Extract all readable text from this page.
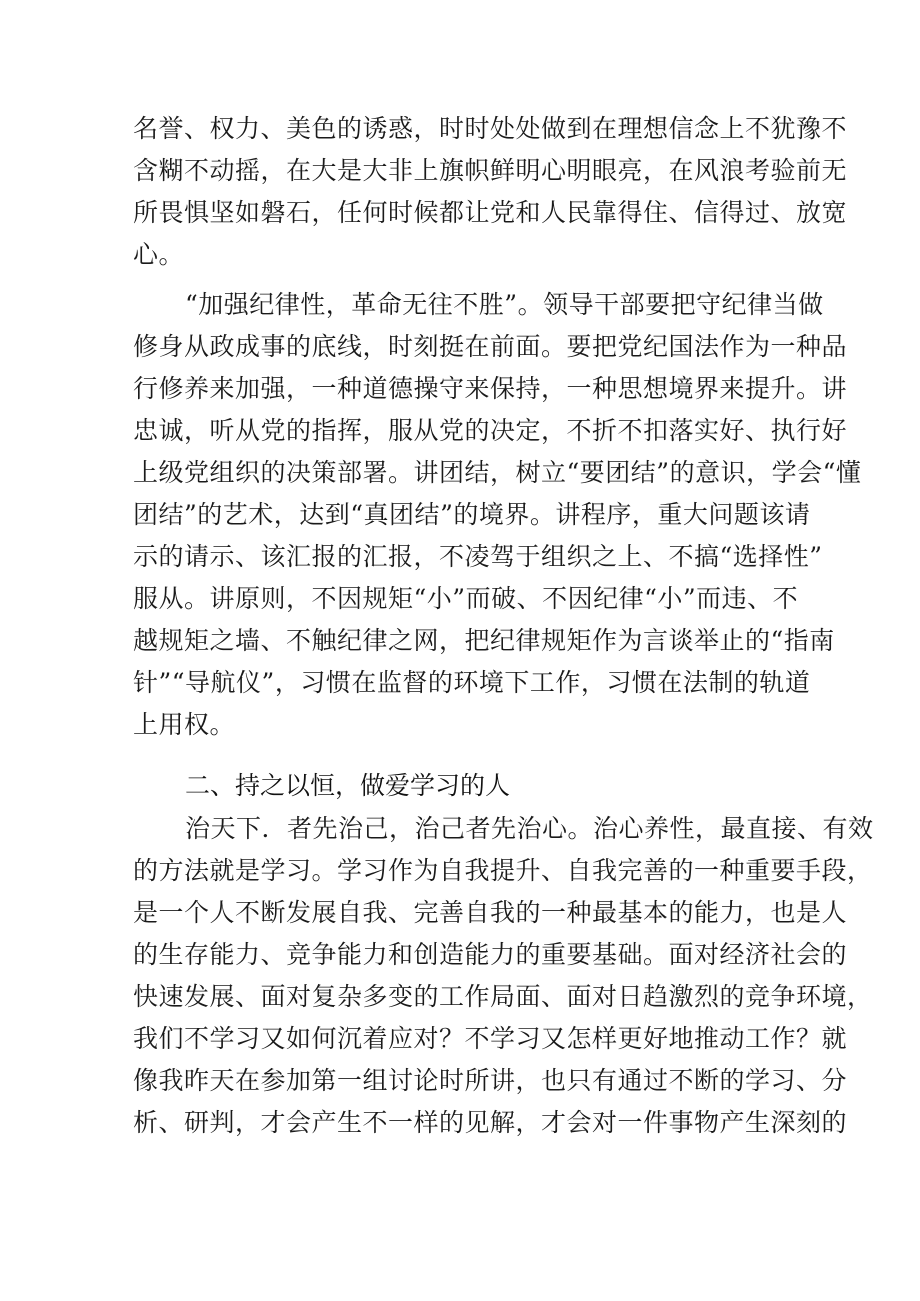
名誉、权力、美色的诱惑，时时处处做到在理想信念上不犹豫不
含糊不动摇，在大是大非上旗帜鲜明心明眼亮，在风浪考验前无
所畏惧坚如磐石，任何时候都让党和人民靠得住、信得过、放宽
心。
“加强纪律性，革命无往不胜”。领导干部要把守纪律当做
修身从政成事的底线，时刻挺在前面。要把党纪国法作为一种品
行修养来加强，一种道德操守来保持，一种思想境界来提升。讲
忠诚，听从党的指挥，服从党的决定，不折不扣落实好、执行好
上级党组织的决策部署。讲团结，树立“要团结”的意识，学会“懂
团结”的艺术，达到“真团结”的境界。讲程序，重大问题该请
示的请示、该汇报的汇报，不凌驾于组织之上、不搞“选择性”
服从。讲原则，不因规矩“小”而破、不因纪律“小”而违、不
越规矩之墙、不触纪律之网，把纪律规矩作为言谈举止的“指南
针”“导航仪”，习惯在监督的环境下工作，习惯在法制的轨道
上用权。
二、持之以恒，做爱学习的人
治天下．者先治己，治己者先治心。治心养性，最直接、有效
的方法就是学习。学习作为自我提升、自我完善的一种重要手段，
是一个人不断发展自我、完善自我的一种最基本的能力，也是人
的生存能力、竞争能力和创造能力的重要基础。面对经济社会的
快速发展、面对复杂多变的工作局面、面对日趋激烈的竞争环境，
我们不学习又如何沉着应对？不学习又怎样更好地推动工作？就
像我昨天在参加第一组讨论时所讲，也只有通过不断的学习、分
析、研判，才会产生不一样的见解，才会对一件事物产生深刻的
